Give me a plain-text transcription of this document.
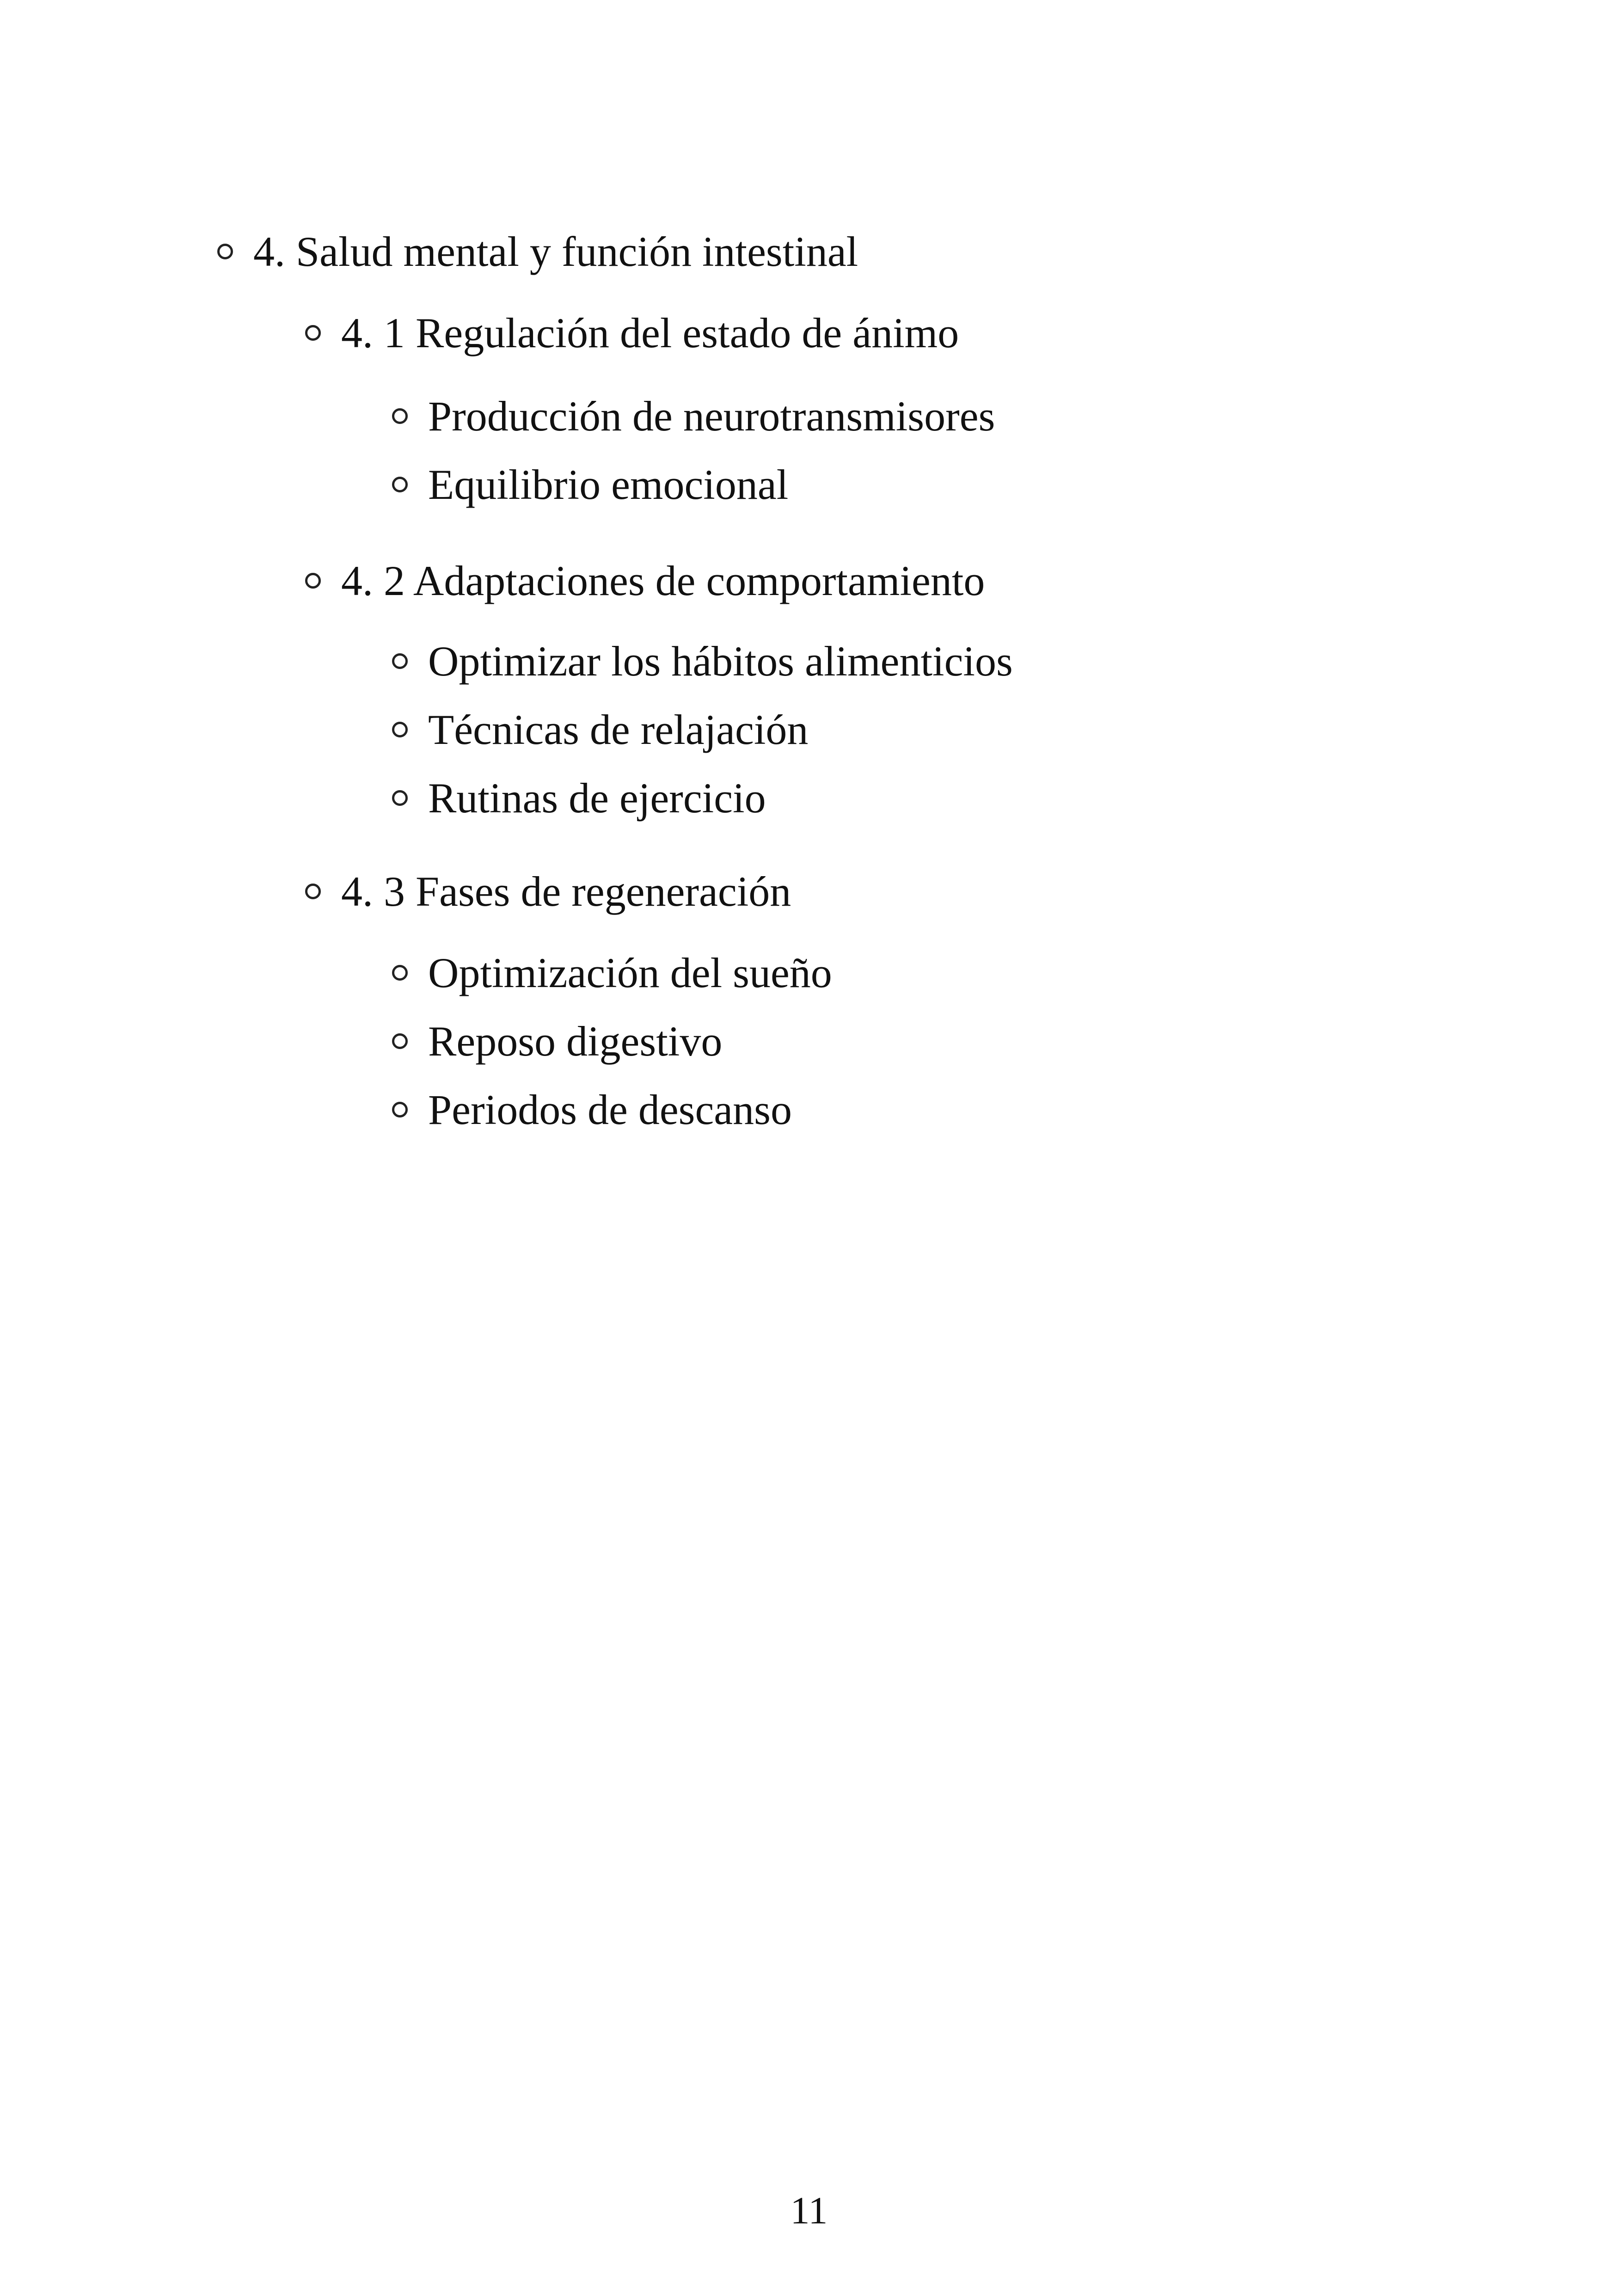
4. Salud mental y función intestinal
4. 1 Regulación del estado de ánimo
Producción de neurotransmisores
Equilibrio emocional
4. 2 Adaptaciones de comportamiento
Optimizar los hábitos alimenticios
Técnicas de relajación
Rutinas de ejercicio
4. 3 Fases de regeneración
Optimización del sueño
Reposo digestivo
Periodos de descanso
11
